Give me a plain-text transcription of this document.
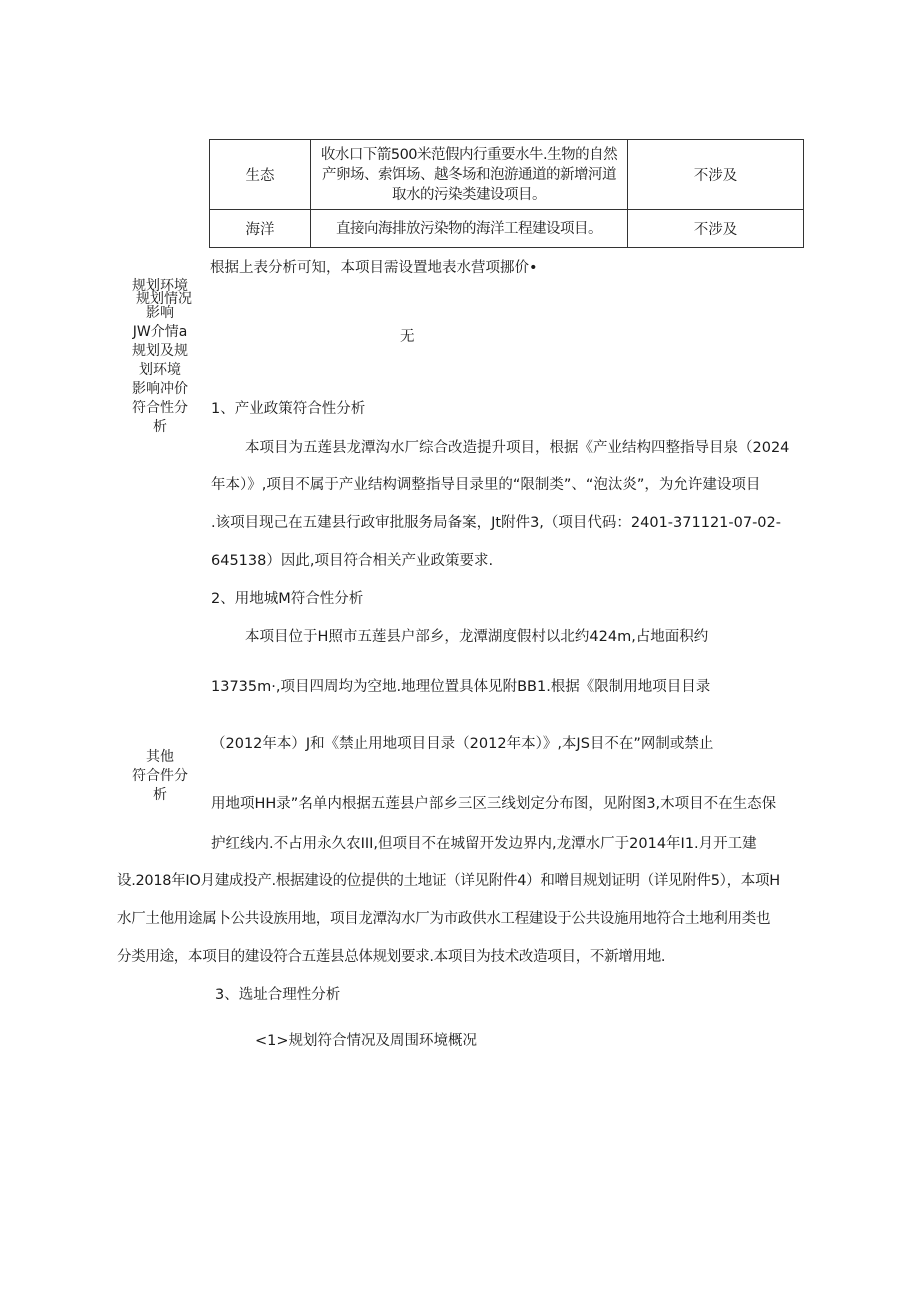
生态	收水口下箭500米范假内行重要水牛.生物的自然
产卵场、索饵场、越冬场和泡游通道的新增河道
取水的污染类建设项目。	不涉及
海洋	直接向海排放污染物的海洋工程建设项目。	不涉及
根据上表分析可知，本项目需设置地表水营项挪价•
规划环境
规划情况
影响
JW介情a
规划及规
划环境
影响冲价
符合性分
析
无
1、产业政策符合性分析
本项目为五莲县龙潭沟水厂综合改造提升项目，根据《产业结构四整指导目泉（2024
年本）》,项目不属于产业结构调整指导目录里的“限制类”、“泡汰炎”，为允许建设项目
.该项目现己在五建县行政审批服务局备案，Jt附件3,（项目代码：2401-371121-07-02-
645138）因此,项目符合相关产业政策要求.
2、用地城M符合性分析
本项目位于H照市五莲县户部乡，龙潭湖度假村以北约424m,占地面积约
13735m·,项目四周均为空地.地理位置具体见附BB1.根据《限制用地项目目录
（2012年本）J和《禁止用地项目目录（2012年本）》,本JS目不在”网制或禁止
其他
符合件分
析
用地项HH录”名单内根据五莲县户部乡三区三线划定分布图，见附图3,木项目不在生态保
护红线内.不占用永久农III,但项目不在城留开发边界内,龙潭水厂于2014年I1.月开工建
设.2018年IO月建成投产.根据建设的位提供的土地证（详见附件4）和噌目规划证明（详见附件5），本项H
水厂土他用途属卜公共设族用地，项目龙潭沟水厂为市政供水工程建设于公共设施用地符合土地利用类也
分类用途，本项目的建设符合五莲县总体规划要求.本项目为技术改造项目，不新增用地.
3、选址合理性分析
<1>规划符合情况及周围环境概况
